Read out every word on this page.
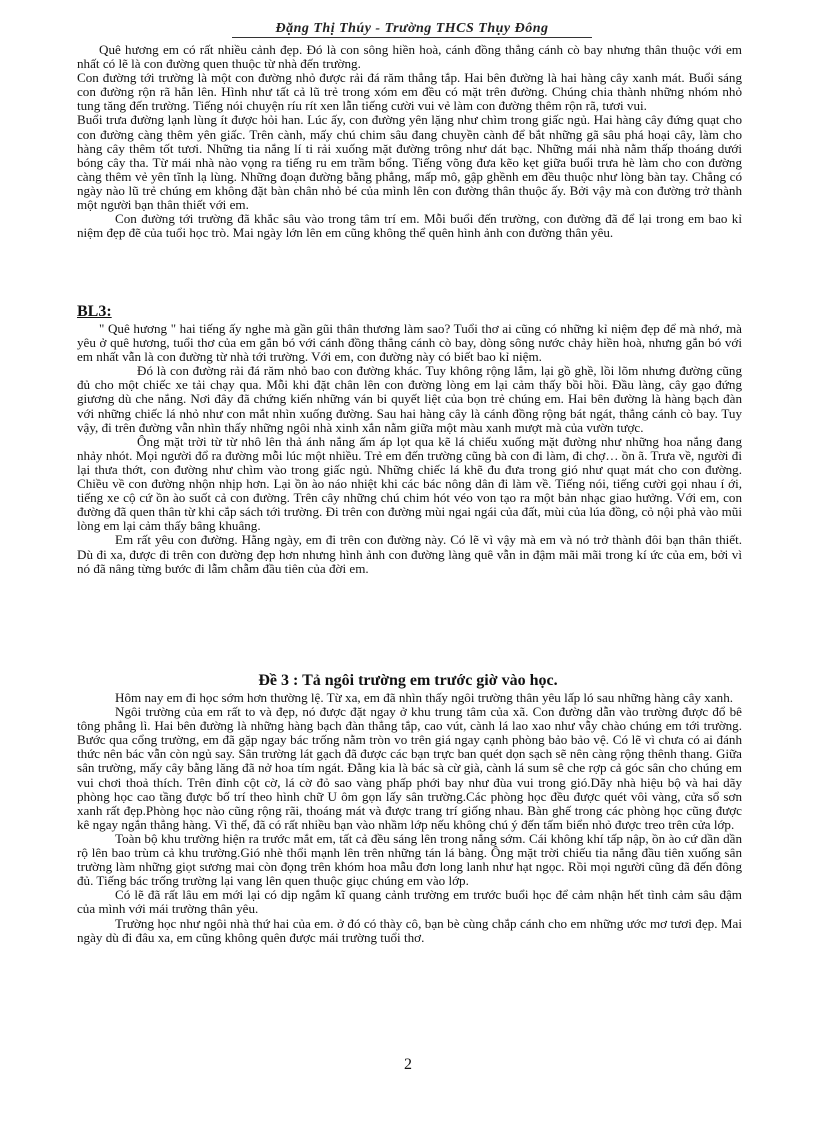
Đặng Thị Thúy - Trường THCS Thụy Đông

Quê hương em có rất nhiều cảnh đẹp. Đó là con sông hiền hoà, cánh đồng thẳng cánh cò bay nhưng thân thuộc với em nhất có lẽ là con đường quen thuộc từ nhà đến trường.

Con đường tới trường là một con đường nhỏ được rải đá răm thẳng tắp. Hai bên đường là hai hàng cây xanh mát. Buổi sáng con đường rộn rã hẳn lên. Hình như tất cả lũ trẻ trong xóm em đều có mặt trên đường. Chúng chia thành những nhóm nhỏ tung tăng đến trường. Tiếng nói chuyện ríu rít xen lẫn tiếng cười vui vẻ làm con đường thêm rộn rã, tươi vui.

Buổi trưa đường lạnh lùng ít được hỏi han. Lúc ấy, con đường yên lặng như chìm trong giấc ngủ. Hai hàng cây đứng quạt cho con đường càng thêm yên giấc. Trên cành, mấy chú chim sâu đang chuyền cành để bắt những gã sâu phá hoại cây, làm cho hàng cây thêm tốt tươi. Những tia nắng lí ti rải xuống mặt đường trông như dát bạc. Những mái nhà nằm thấp thoáng dưới bóng cây tha. Từ mái nhà nào vọng ra tiếng ru em trầm bổng. Tiếng võng đưa kẽo kẹt giữa buổi trưa hè làm cho con đường càng thêm vẻ yên tĩnh lạ lùng. Những đoạn đường bằng phẳng, mấp mô, gập ghềnh em đều thuộc như lòng bàn tay. Chẳng có ngày nào lũ trẻ chúng em không đặt bàn chân nhỏ bé của mình lên con đường thân thuộc ấy. Bởi vậy mà con đường trở thành một người bạn thân thiết với em.

Con đường tới trường đã khắc sâu vào trong tâm trí em. Mỗi buổi đến trường, con đường đã để lại trong em bao kỉ niệm đẹp đẽ của tuổi học trò. Mai ngày lớn lên em cũng không thể quên hình ảnh con đường thân yêu.

BL3:

" Quê hương " hai tiếng ấy nghe mà gần gũi thân thương làm sao? Tuổi thơ ai cũng có những kỉ niệm đẹp để mà nhớ, mà yêu ở quê hương, tuổi thơ của em gắn bó với cánh đồng thẳng cánh cò bay, dòng sông nước chảy hiền hoà, nhưng gắn bó với em nhất vẫn là con đường từ nhà tới trường. Với em, con đường này có biết bao kỉ niệm.

Đó là con đường rải đá răm nhỏ bao con đường khác. Tuy không rộng lắm, lại gồ ghề, lồi lõm nhưng đường cũng đủ cho một chiếc xe tải chạy qua. Mỗi khi đặt chân lên con đường lòng em lại cảm thấy bồi hồi. Đầu làng, cây gạo đứng giương dù che nắng. Nơi đây đã chứng kiến những ván bi quyết liệt của bọn trẻ chúng em. Hai bên đường là hàng bạch đàn với những chiếc lá nhỏ như con mắt nhìn xuống đường. Sau hai hàng cây là cánh đồng rộng bát ngát, thẳng cánh cò bay. Tuy vậy, đi trên đường vẫn nhìn thấy những ngôi nhà xinh xắn nằm giữa một màu xanh mượt mà của vườn tược.

Ông mặt trời từ từ nhô lên thả ánh nắng ấm áp lọt qua kẽ lá chiếu xuống mặt đường như những hoa nắng đang nhảy nhót. Mọi người đổ ra đường mỗi lúc một nhiều. Trẻ em đến trường cũng bà con đi làm, đi chợ… ồn ã. Trưa về, người đi lại thưa thớt, con đường như chìm vào trong giấc ngủ. Những chiếc lá khẽ đu đưa trong gió như quạt mát cho con đường. Chiều về con đường nhộn nhịp hơn. Lại ồn ào náo nhiệt khi các bác nông dân đi làm về. Tiếng nói, tiếng cười gọi nhau í ới, tiếng xe cộ cứ ồn ào suốt cả con đường. Trên cây những chú chim hót véo von tạo ra một bản nhạc giao hưởng. Với em, con đường đã quen thân từ khi cắp sách tới trường. Đi trên con đường mùi ngai ngái của đất, mùi của lúa đồng, cỏ nội phả vào mũi lòng em lại cảm thấy bâng khuâng.

Em rất yêu con đường. Hằng ngày, em đi trên con đường này. Có lẽ vì vậy mà em và nó trở thành đôi bạn thân thiết. Dù đi xa, được đi trên con đường đẹp hơn nhưng hình ảnh con đường làng quê vẫn in đậm mãi mãi trong kí ức của em, bởi vì nó đã nâng từng bước đi lẫm chẫm đầu tiên của đời em.

Đề 3 : Tả ngôi trường em trước giờ vào học.

Hôm nay em đi học sớm hơn thường lệ. Từ xa, em đã nhìn thấy ngôi trường thân yêu lấp ló sau những hàng cây xanh.

Ngôi trường của em rất to và đẹp, nó được đặt ngay ở khu trung tâm của xã. Con đường dẫn vào trường được đổ bê tông phẳng lì. Hai bên đường là những hàng bạch đàn thẳng tắp, cao vút, cành lá lao xao như vẫy chào chúng em tới trường. Bước qua cổng trường, em đã gặp ngay bác trống nằm tròn vo trên giá ngay cạnh phòng bảo bảo vệ. Có lẽ vì chưa có ai đánh thức nên bác vẫn còn ngủ say. Sân trường lát gạch đã được các bạn trực ban quét dọn sạch sẽ nên càng rộng thênh thang. Giữa sân trường, mấy cây bằng lăng đã nở hoa tím ngát. Đằng kia là bác sà cừ già, cành lá sum sê che rợp cả góc sân cho chúng em vui chơi thoả thích. Trên đỉnh cột cờ, lá cờ đỏ sao vàng phấp phới bay như đùa vui trong gió.Dãy nhà hiệu bộ và hai dãy phòng học cao tầng được bố trí theo hình chữ U ôm gọn lấy sân trường.Các phòng học đều được quét vôi vàng, cửa sổ sơn xanh rất đẹp.Phòng học nào cũng rộng rãi, thoáng mát và được trang trí giống nhau. Bàn ghế trong các phòng học cũng được kê ngay ngắn thẳng hàng. Vì thế, đã có rất nhiều bạn vào nhầm lớp nếu không chú ý đến tấm biển nhỏ được treo trên cửa lớp.

Toàn bộ khu trường hiện ra trước mắt em, tất cả đều sáng lên trong nắng sớm. Cái không khí tấp nập, ồn ào cứ dần dần rộ lên bao trùm cả khu trường.Gió nhè thổi mạnh lên trên những tán lá bàng. Ông mặt trời chiếu tia nắng đầu tiên xuống sân trường làm những giọt sương mai còn đọng trên khóm hoa mẫu đơn long lanh như hạt ngọc. Rồi mọi người cũng đã đến đông đủ. Tiếng bác trống trường lại vang lên quen thuộc giục chúng em vào lớp.

Có lẽ đã rất lâu em mới lại có dịp ngắm kĩ quang cảnh trường em trước buổi học để cảm nhận hết tình cảm sâu đậm của mình với mái trường thân yêu.

Trường học như ngôi nhà thứ hai của em. ở đó có thày cô, bạn bè cùng chắp cánh cho em những ước mơ tươi đẹp. Mai ngày dù đi đâu xa, em cũng không quên được mái trường tuổi thơ.

2
